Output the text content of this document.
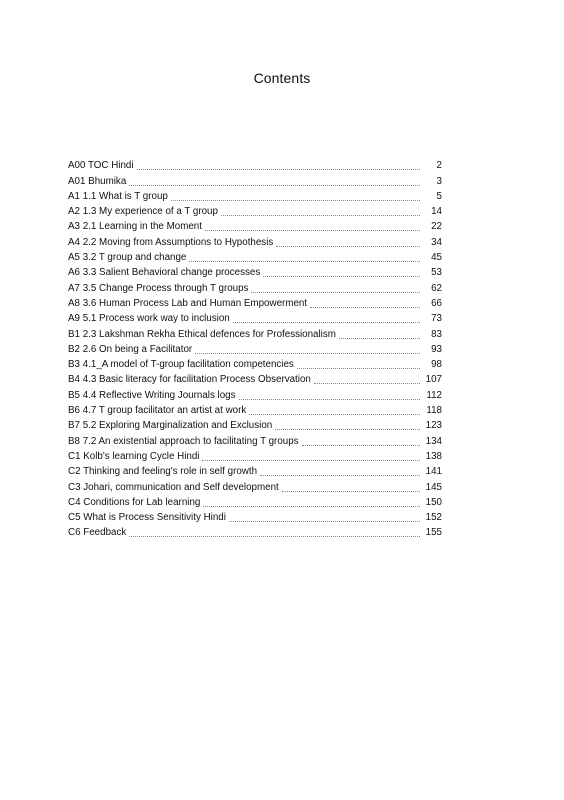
Contents
A00 TOC Hindi	2
A01 Bhumika	3
A1 1.1 What is T group	5
A2 1.3 My experience of a T group	14
A3 2.1 Learning in the Moment	22
A4 2.2 Moving from Assumptions to Hypothesis	34
A5 3.2 T group and change	45
A6 3.3 Salient Behavioral change processes	53
A7 3.5 Change Process through T groups	62
A8 3.6 Human Process Lab and Human Empowerment	66
A9 5.1 Process work way to inclusion	73
B1 2.3 Lakshman Rekha Ethical defences for Professionalism	83
B2 2.6 On being a Facilitator	93
B3 4.1_A model of T-group facilitation competencies	98
B4 4.3 Basic literacy for facilitation Process Observation	107
B5 4.4 Reflective Writing Journals logs	112
B6 4.7 T group facilitator an artist at work	118
B7 5.2 Exploring Marginalization and Exclusion	123
B8 7.2 An existential approach to facilitating T groups	134
C1 Kolb's learning Cycle Hindi	138
C2 Thinking and feeling's role in self growth	141
C3 Johari, communication and Self development	145
C4 Conditions for Lab learning	150
C5 What is Process Sensitivity Hindi	152
C6 Feedback	155
